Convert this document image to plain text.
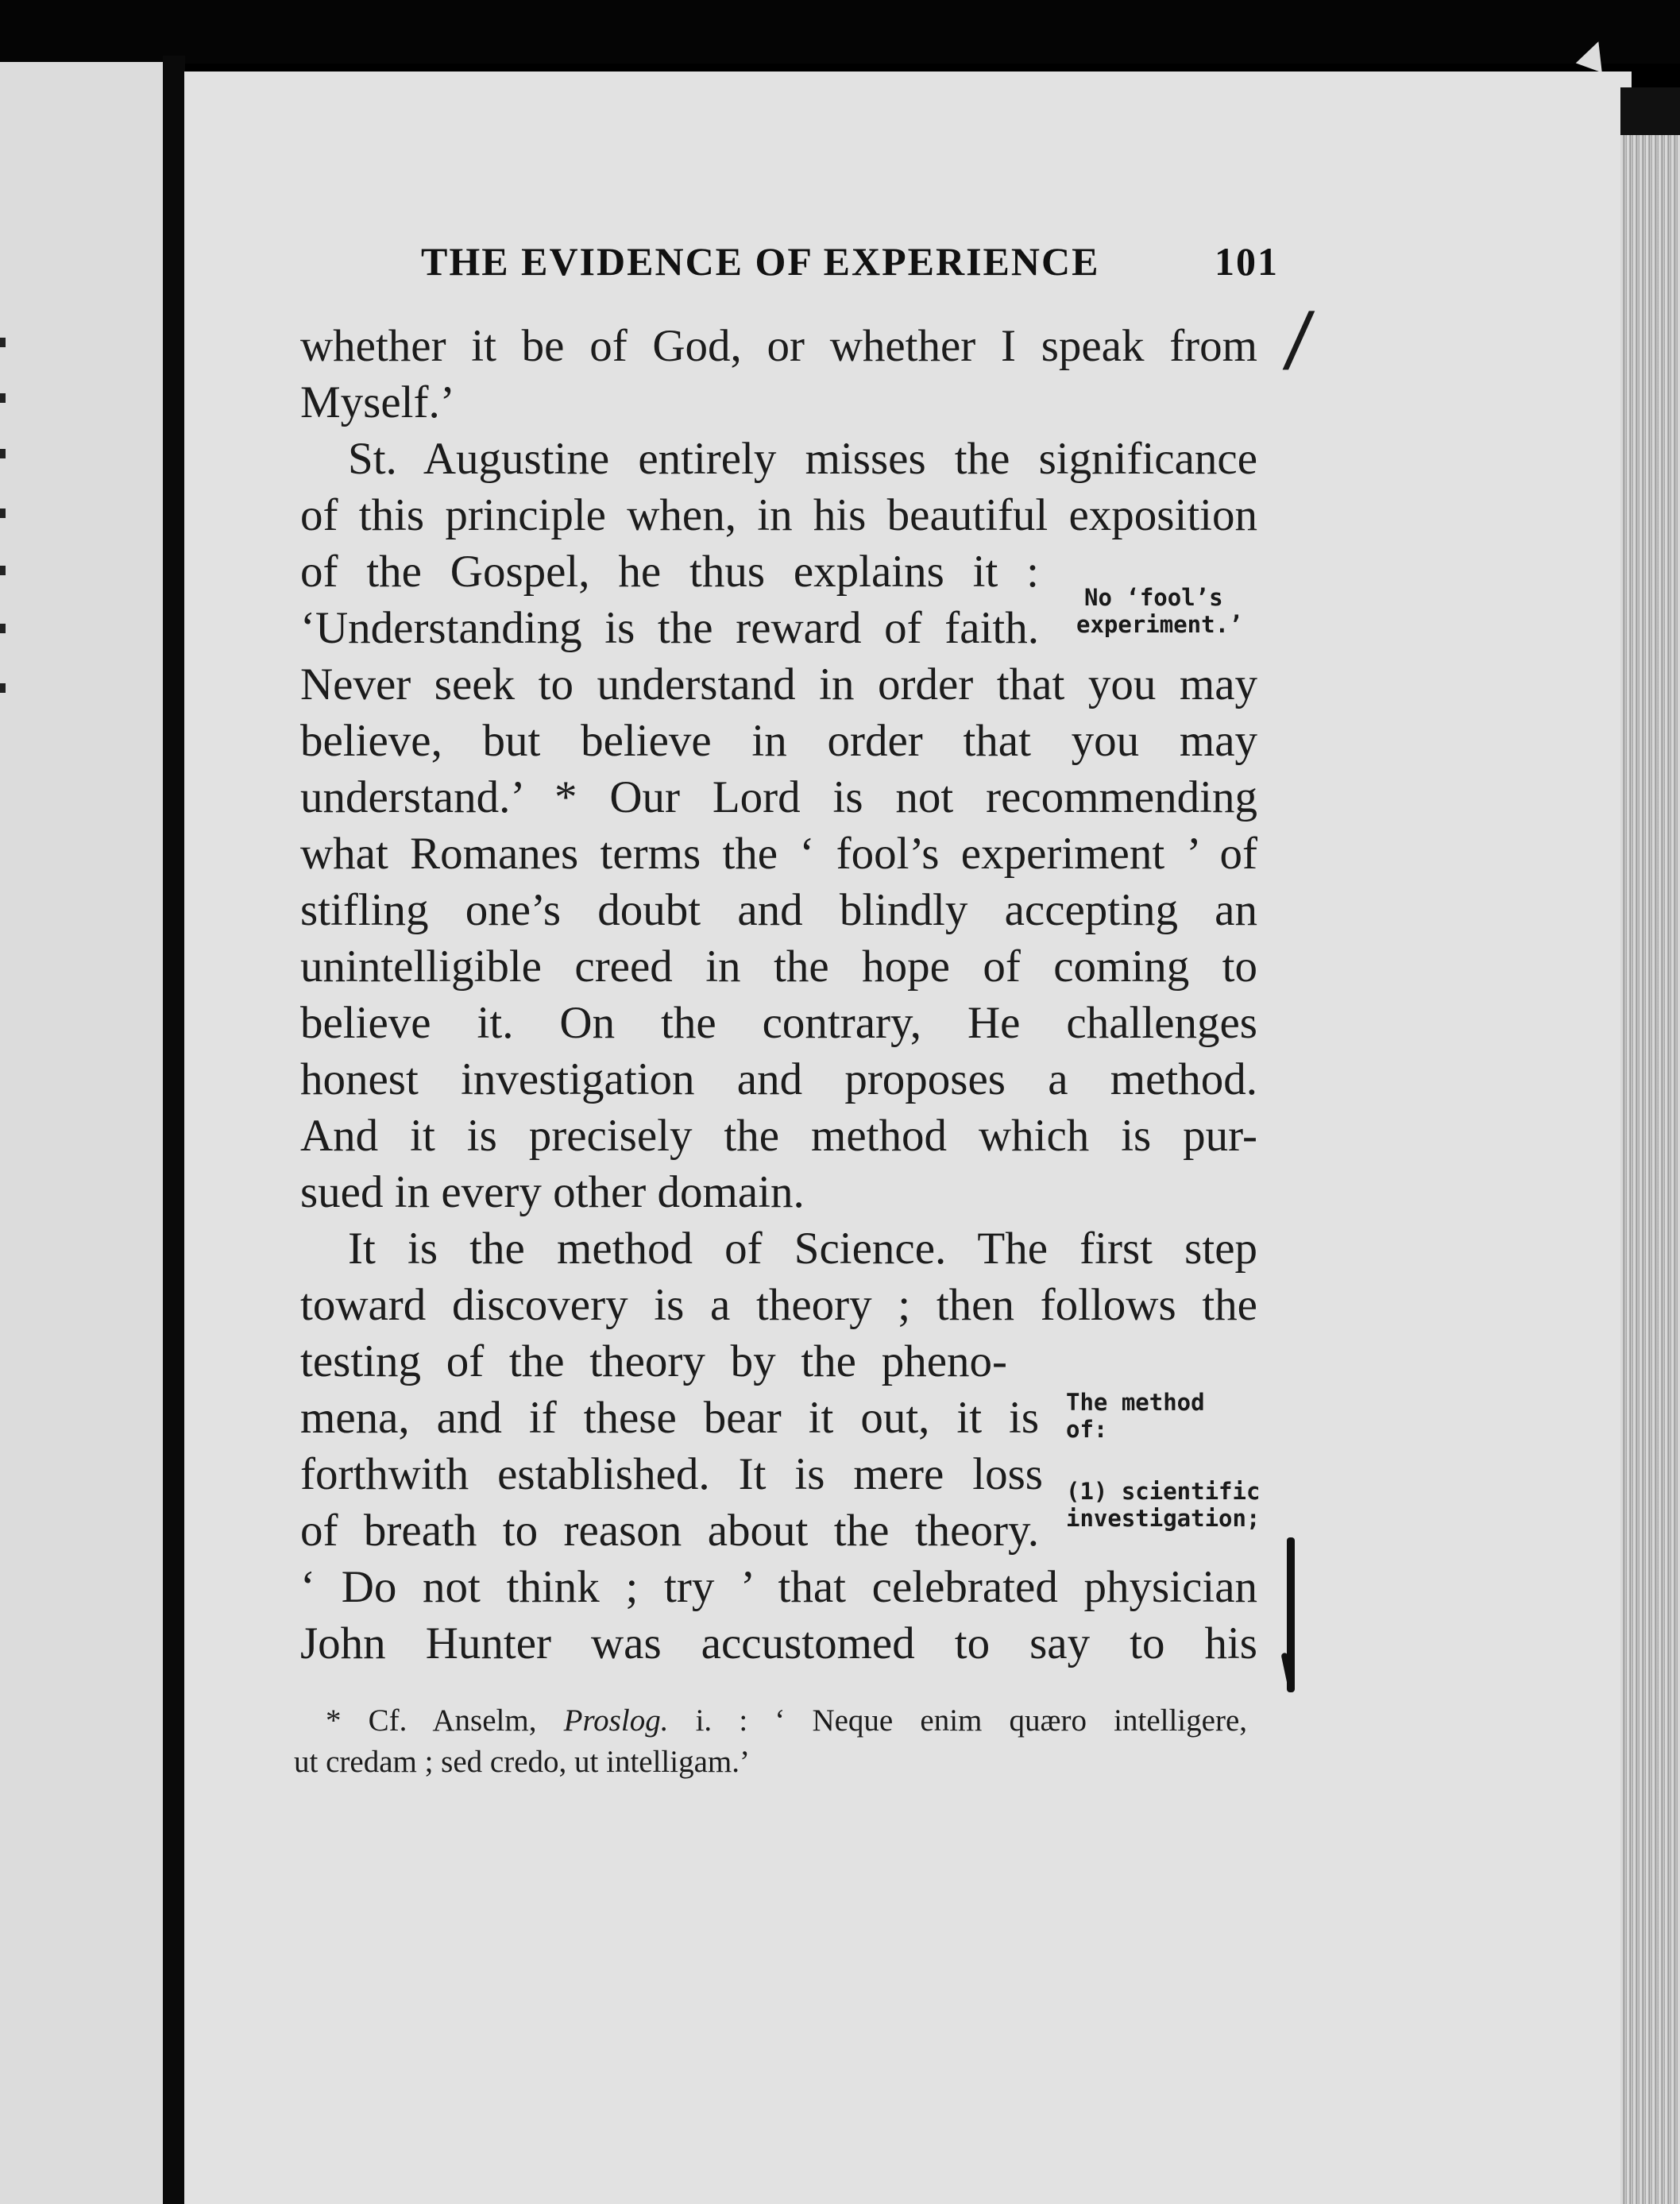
▲
THE EVIDENCE OF EXPERIENCE	101
whether it be of God, or whether I speak from
Myself.’
St. Augustine entirely misses the significance
of this principle when, in his beautiful exposition
of the Gospel, he thus explains it :
‘Understanding is the reward of faith.
Never seek to understand in order that you may
believe, but believe in order that you may
understand.’ * Our Lord is not recommending
what Romanes terms the ‘ fool’s experiment ’ of
stifling one’s doubt and blindly accepting an
unintelligible creed in the hope of coming to
believe it. On the contrary, He challenges
honest investigation and proposes a method.
And it is precisely the method which is pur-
sued in every other domain.
It is the method of Science. The first step
toward discovery is a theory ; then follows the
testing of the theory by the pheno-
mena, and if these bear it out, it is
forthwith established. It is mere loss
of breath to reason about the theory.
‘ Do not think ; try ’ that celebrated physician
John Hunter was accustomed to say to his
No ‘fool’s
experiment.’
The method
of:
(1) scientific
investigation;
* Cf. Anselm, Proslog. i. : ‘ Neque enim quæro intelligere,
ut credam ; sed credo, ut intelligam.’
/
